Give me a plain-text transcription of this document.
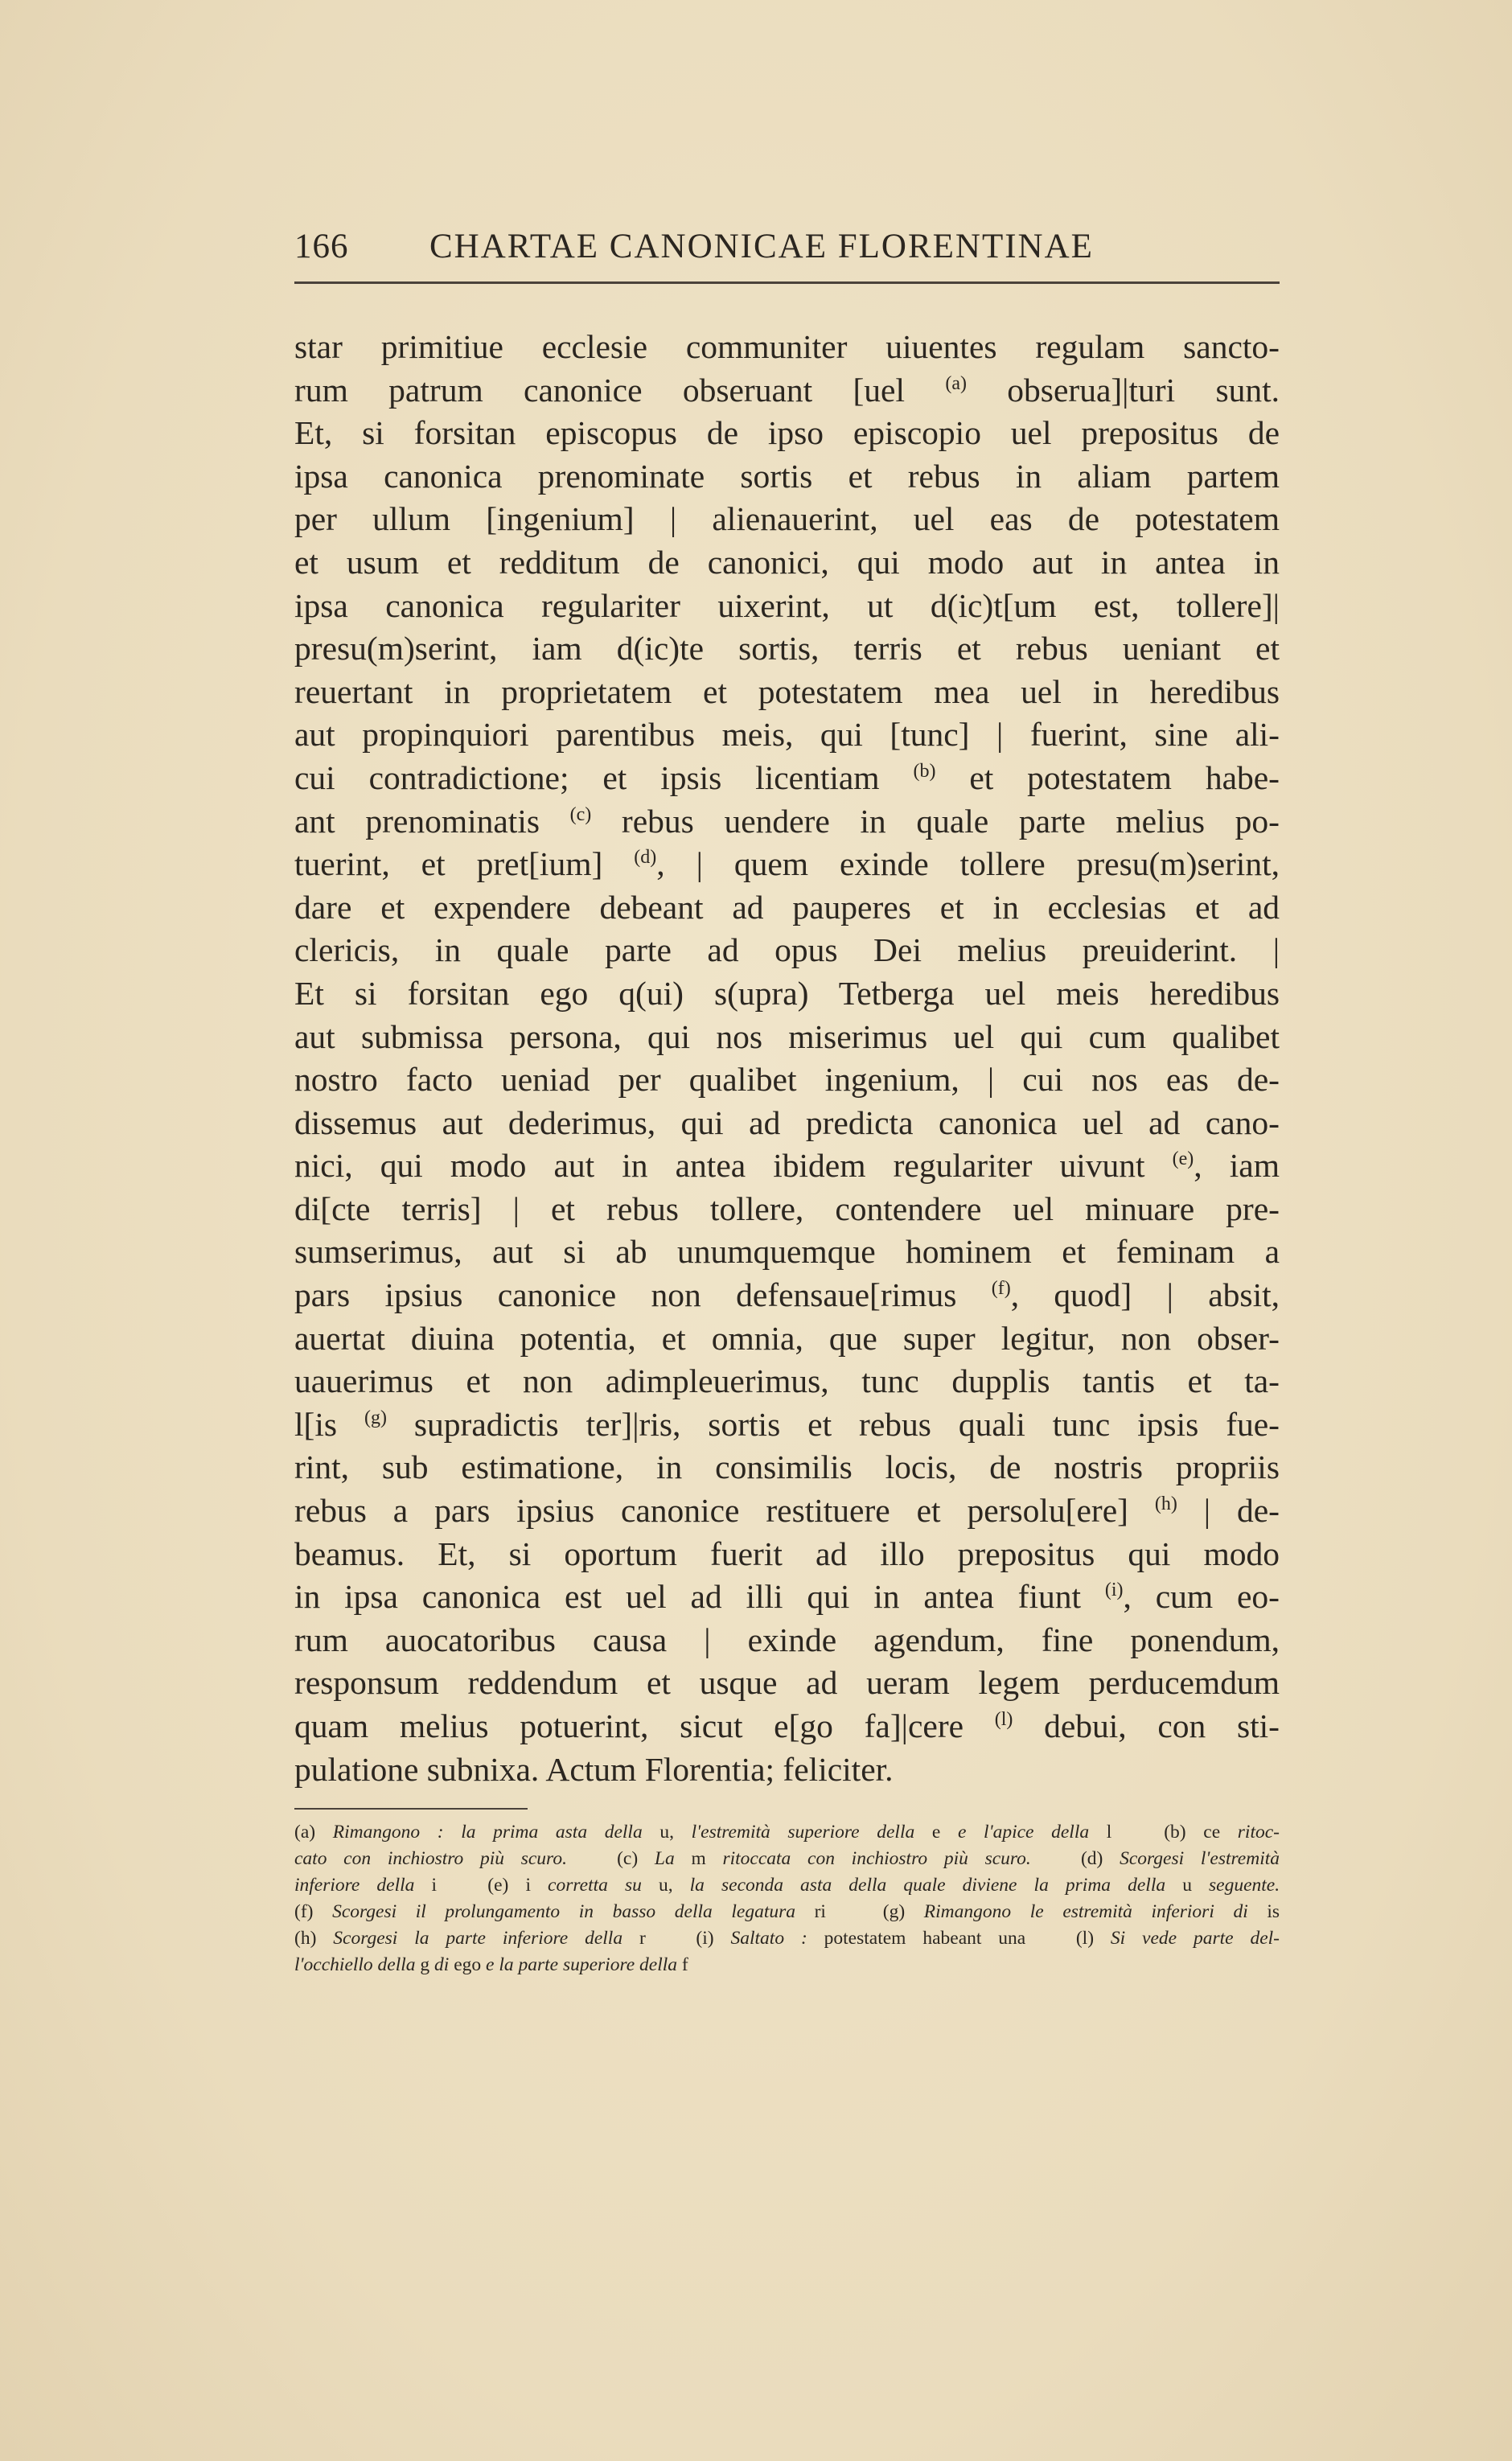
166 CHARTAE CANONICAE FLORENTINAE
star primitiue ecclesie communiter uiuentes regulam sancto-
rum patrum canonice obseruant [uel $^{(a)}$ obserua]|turi sunt.
Et, si forsitan episcopus de ipso episcopio uel prepositus de
ipsa canonica prenominate sortis et rebus in aliam partem
per ullum [ingenium] | alienauerint, uel eas de potestatem
et usum et redditum de canonici, qui modo aut in antea in
ipsa canonica regulariter uixerint, ut d(ic)t[um est, tollere]|
presu(m)serint, iam d(ic)te sortis, terris et rebus ueniant et
reuertant in proprietatem et potestatem mea uel in heredibus
aut propinquiori parentibus meis, qui [tunc] | fuerint, sine ali-
cui contradictione; et ipsis licentiam $^{(b)}$ et potestatem habe-
ant prenominatis $^{(c)}$ rebus uendere in quale parte melius po-
tuerint, et pret[ium] $^{(d)}$, | quem exinde tollere presu(m)serint,
dare et expendere debeant ad pauperes et in ecclesias et ad
clericis, in quale parte ad opus Dei melius preuiderint. |
Et si forsitan ego q(ui) s(upra) Tetberga uel meis heredibus
aut submissa persona, qui nos miserimus uel qui cum qualibet
nostro facto ueniad per qualibet ingenium, | cui nos eas de-
dissemus aut dederimus, qui ad predicta canonica uel ad cano-
nici, qui modo aut in antea ibidem regulariter uivunt $^{(e)}$, iam
di[cte terris] | et rebus tollere, contendere uel minuare pre-
sumserimus, aut si ab unumquemque hominem et feminam a
pars ipsius canonice non defensaue[rimus $^{(f)}$, quod] | absit,
auertat diuina potentia, et omnia, que super legitur, non obser-
uauerimus et non adimpleuerimus, tunc dupplis tantis et ta-
l[is $^{(g)}$ supradictis ter]|ris, sortis et rebus quali tunc ipsis fue-
rint, sub estimatione, in consimilis locis, de nostris propriis
rebus a pars ipsius canonice restituere et persolu[ere] $^{(h)}$ | de-
beamus. Et, si oportum fuerit ad illo prepositus qui modo
in ipsa canonica est uel ad illi qui in antea fiunt $^{(i)}$, cum eo-
rum auocatoribus causa | exinde agendum, fine ponendum,
responsum reddendum et usque ad ueram legem perducemdum
quam melius potuerint, sicut e[go fa]|cere $^{(l)}$ debui, con sti-
pulatione subnixa. Actum Florentia; feliciter.
(a) Rimangono : la prima asta della u, l'estremità superiore della e e l'apice della l	(b) ce ritoc-
cato con inchiostro più scuro.	(c) La m ritoccata con inchiostro più scuro.	(d) Scorgesi l'estremità
inferiore della i	(e) i corretta su u, la seconda asta della quale diviene la prima della u seguente.
(f) Scorgesi il prolungamento in basso della legatura ri	(g) Rimangono le estremità inferiori di is
(h) Scorgesi la parte inferiore della r	(i) Saltato : potestatem habeant una	(l) Si vede parte del-
l'occhiello della g di ego e la parte superiore della f
